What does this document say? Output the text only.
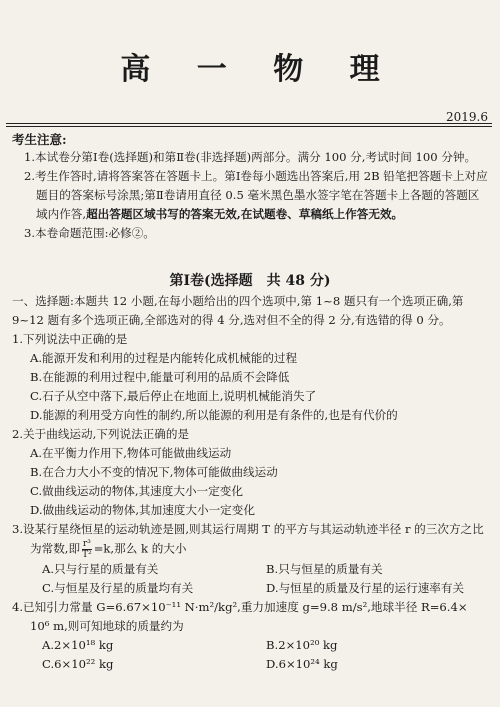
高 一 物 理
2019.6
考生注意:

1.本试卷分第Ⅰ卷(选择题)和第Ⅱ卷(非选择题)两部分。满分 100 分,考试时间 100 分钟。

2.考生作答时,请将答案答在答题卡上。第Ⅰ卷每小题选出答案后,用 2B 铅笔把答题卡上对应题目的答案标号涂黑;第Ⅱ卷请用直径 0.5 毫米黑色墨水签字笔在答题卡上各题的答题区域内作答,超出答题区域书写的答案无效,在试题卷、草稿纸上作答无效。

3.本卷命题范围:必修②。

第Ⅰ卷(选择题　共 48 分)

一、选择题:本题共 12 小题,在每小题给出的四个选项中,第 1~8 题只有一个选项正确,第 9~12 题有多个选项正确,全部选对的得 4 分,选对但不全的得 2 分,有选错的得 0 分。

1.下列说法中正确的是

A.能源开发和利用的过程是内能转化成机械能的过程

B.在能源的利用过程中,能量可利用的品质不会降低

C.石子从空中落下,最后停止在地面上,说明机械能消失了

D.能源的利用受方向性的制约,所以能源的利用是有条件的,也是有代价的

2.关于曲线运动,下列说法正确的是

A.在平衡力作用下,物体可能做曲线运动

B.在合力大小不变的情况下,物体可能做曲线运动

C.做曲线运动的物体,其速度大小一定变化

D.做曲线运动的物体,其加速度大小一定变化

3.设某行星绕恒星的运动轨迹是圆,则其运行周期 T 的平方与其运动轨迹半径 r 的三次方之比

为常数,即 $\frac{\text{r³}}{\text{T²}} =k$,那么 k 的大小

A.只与行星的质量有关	B.只与恒星的质量有关
C.与恒星及行星的质量均有关	D.与恒星的质量及行星的运行速率有关

4.已知引力常量 G=6.67×10⁻¹¹ N·m²/kg²,重力加速度 g=9.8 m/s²,地球半径 R=6.4×

10⁶ m,则可知地球的质量约为

A.2×10¹⁸ kg	B.2×10²⁰ kg
C.6×10²² kg	D.6×10²⁴ kg
